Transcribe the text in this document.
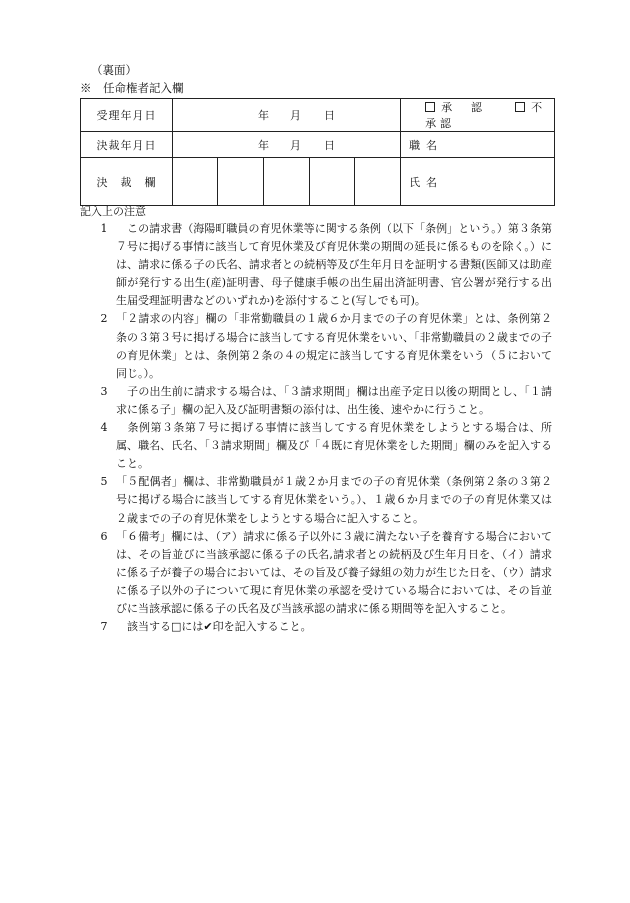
（裏面）
※　任命権者記入欄
受理年月日	年 月 日					承　認 不承認
決裁年月日	年 月 日					職名
決　裁　欄						氏名
記入上の注意
1 　この請求書（海陽町職員の育児休業等に関する条例（以下「条例」という。）第３条第７号に掲げる事情に該当して育児休業及び育児休業の期間の延長に係るものを除く。）には、請求に係る子の氏名、請求者との続柄等及び生年月日を証明する書類(医師又は助産師が発行する出生(産)証明書、母子健康手帳の出生届出済証明書、官公署が発行する出生届受理証明書などのいずれか)を添付すること(写しでも可)。
2 「２請求の内容」欄の「非常勤職員の１歳６か月までの子の育児休業」とは、条例第２条の３第３号に掲げる場合に該当してする育児休業をいい、「非常勤職員の２歳までの子の育児休業」とは、条例第２条の４の規定に該当してする育児休業をいう（５において同じ。）。
3 　子の出生前に請求する場合は、「３請求期間」欄は出産予定日以後の期間とし、「１請求に係る子」欄の記入及び証明書類の添付は、出生後、速やかに行うこと。
4 　条例第３条第７号に掲げる事情に該当してする育児休業をしようとする場合は、所属、職名、氏名、「３請求期間」欄及び「４既に育児休業をした期間」欄のみを記入すること。
5 「５配偶者」欄は、非常勤職員が１歳２か月までの子の育児休業（条例第２条の３第２号に掲げる場合に該当してする育児休業をいう。）、１歳６か月までの子の育児休業又は２歳までの子の育児休業をしようとする場合に記入すること。
6 「６備考」欄には、（ア）請求に係る子以外に３歳に満たない子を養育する場合においては、その旨並びに当該承認に係る子の氏名,請求者との続柄及び生年月日を、（イ）請求に係る子が養子の場合においては、その旨及び養子縁組の効力が生じた日を、（ウ）請求に係る子以外の子について現に育児休業の承認を受けている場合においては、その旨並びに当該承認に係る子の氏名及び当該承認の請求に係る期間等を記入すること。
7 　該当する□には✔印を記入すること。
